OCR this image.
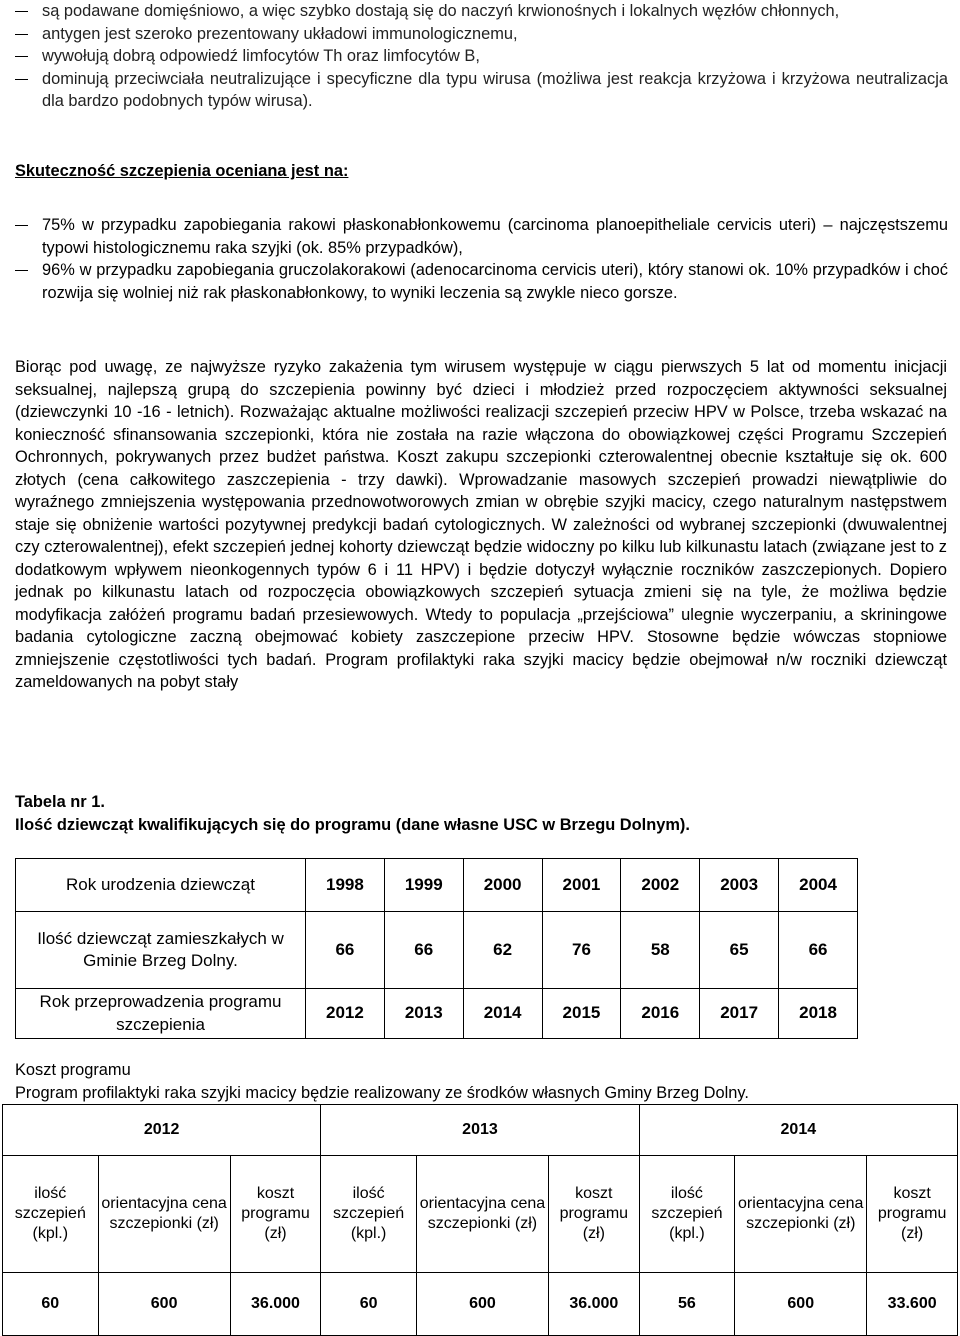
są podawane domięśniowo, a więc szybko dostają się do naczyń krwionośnych i lokalnych węzłów chłonnych,
antygen jest szeroko prezentowany układowi immunologicznemu,
wywołują dobrą odpowiedź limfocytów Th oraz limfocytów B,
dominują przeciwciała neutralizujące i specyficzne dla typu wirusa (możliwa jest reakcja krzyżowa i krzyżowa neutralizacja dla bardzo podobnych typów wirusa).
Skuteczność szczepienia oceniana jest na:
75% w przypadku zapobiegania rakowi płaskonabłonkowemu (carcinoma planoepitheliale cervicis uteri) – najczęstszemu typowi histologicznemu raka szyjki (ok. 85% przypadków),
96% w przypadku zapobiegania gruczolakorakowi (adenocarcinoma cervicis uteri), który stanowi ok. 10% przypadków i choć rozwija się wolniej niż rak płaskonabłonkowy, to wyniki leczenia są zwykle nieco gorsze.
Biorąc pod uwagę, ze najwyższe ryzyko zakażenia tym wirusem występuje w ciągu pierwszych 5 lat od momentu inicjacji seksualnej, najlepszą grupą do szczepienia powinny być dzieci i młodzież przed rozpoczęciem aktywności seksualnej (dziewczynki 10 -16 - letnich). Rozważając aktualne możliwości realizacji szczepień przeciw HPV w Polsce, trzeba wskazać na konieczność sfinansowania szczepionki, która nie została na razie włączona do obowiązkowej części Programu Szczepień Ochronnych, pokrywanych przez budżet państwa. Koszt zakupu szczepionki czterowalentnej obecnie kształtuje się ok. 600 złotych (cena całkowitego zaszczepienia - trzy dawki). Wprowadzanie masowych szczepień prowadzi niewątpliwie do wyraźnego zmniejszenia występowania przednowotworowych zmian w obrębie szyjki macicy, czego naturalnym następstwem staje się obniżenie wartości pozytywnej predykcji badań cytologicznych. W zależności od wybranej szczepionki (dwuwalentnej czy czterowalentnej), efekt szczepień jednej kohorty dziewcząt będzie widoczny po kilku lub kilkunastu latach (związane jest to z dodatkowym wpływem nieonkogennych typów 6 i 11 HPV) i będzie dotyczył wyłącznie roczników zaszczepionych. Dopiero jednak po kilkunastu latach od rozpoczęcia obowiązkowych szczepień sytuacja zmieni się na tyle, że możliwa będzie modyfikacja załóżeń programu badań przesiewowych. Wtedy to populacja „przejściowa” ulegnie wyczerpaniu, a skriningowe badania cytologiczne zaczną obejmować kobiety zaszczepione przeciw HPV. Stosowne będzie wówczas stopniowe zmniejszenie częstotliwości tych badań. Program profilaktyki raka szyjki macicy będzie obejmował n/w roczniki dziewcząt zameldowanych na pobyt stały
Tabela nr 1.
Ilość dziewcząt kwalifikujących się do programu (dane własne USC w Brzegu Dolnym).
Rok urodzenia dziewcząt	1998	1999	2000	2001	2002	2003	2004
Ilość dziewcząt zamieszkałych w Gminie Brzeg Dolny.	66	66	62	76	58	65	66
Rok przeprowadzenia programu szczepienia	2012	2013	2014	2015	2016	2017	2018
Koszt programu
Program profilaktyki raka szyjki macicy będzie realizowany ze środków własnych Gminy Brzeg Dolny.
2012			2013			2014		
ilość szczepień (kpl.)	orientacyjna cena szczepionki (zł)	koszt programu (zł)	ilość szczepień (kpl.)	orientacyjna cena szczepionki (zł)	koszt programu (zł)	ilość szczepień (kpl.)	orientacyjna cena szczepionki (zł)	koszt programu (zł)
60	600	36.000	60	600	36.000	56	600	33.600
